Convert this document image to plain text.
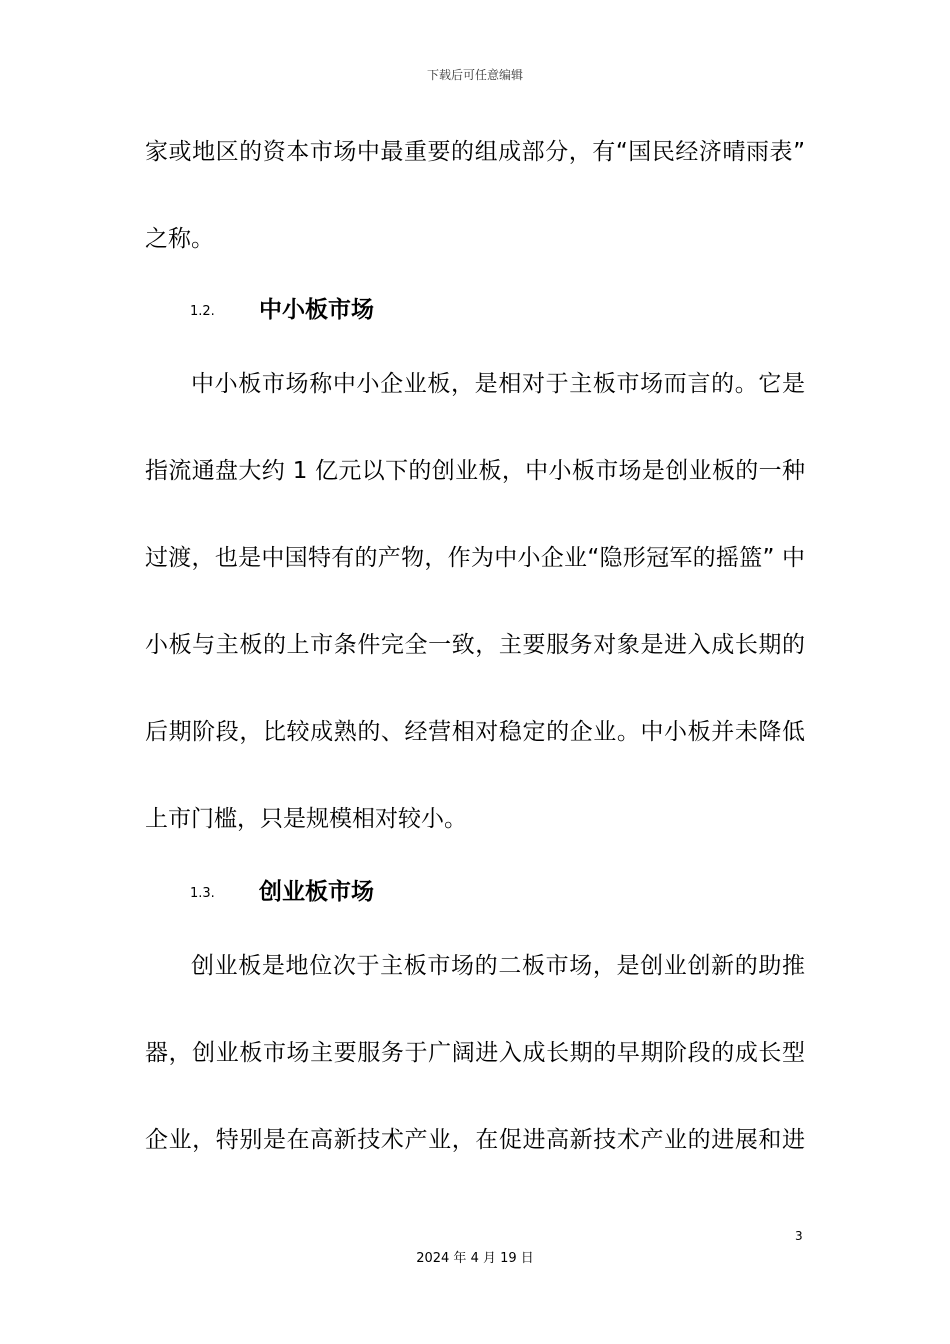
下载后可任意编辑
家或地区的资本市场中最重要的组成部分，有“国民经济晴雨表”
之称。
1.2. 中小板市场
中小板市场称中小企业板，是相对于主板市场而言的。它是
指流通盘大约 1 亿元以下的创业板，中小板市场是创业板的一种
过渡，也是中国特有的产物，作为中小企业“隐形冠军的摇篮” 中
小板与主板的上市条件完全一致，主要服务对象是进入成长期的
后期阶段，比较成熟的、经营相对稳定的企业。中小板并未降低
上市门槛，只是规模相对较小。
1.3. 创业板市场
创业板是地位次于主板市场的二板市场，是创业创新的助推
器，创业板市场主要服务于广阔进入成长期的早期阶段的成长型
企业，特别是在高新技术产业，在促进高新技术产业的进展和进
3
2024 年 4 月 19 日
